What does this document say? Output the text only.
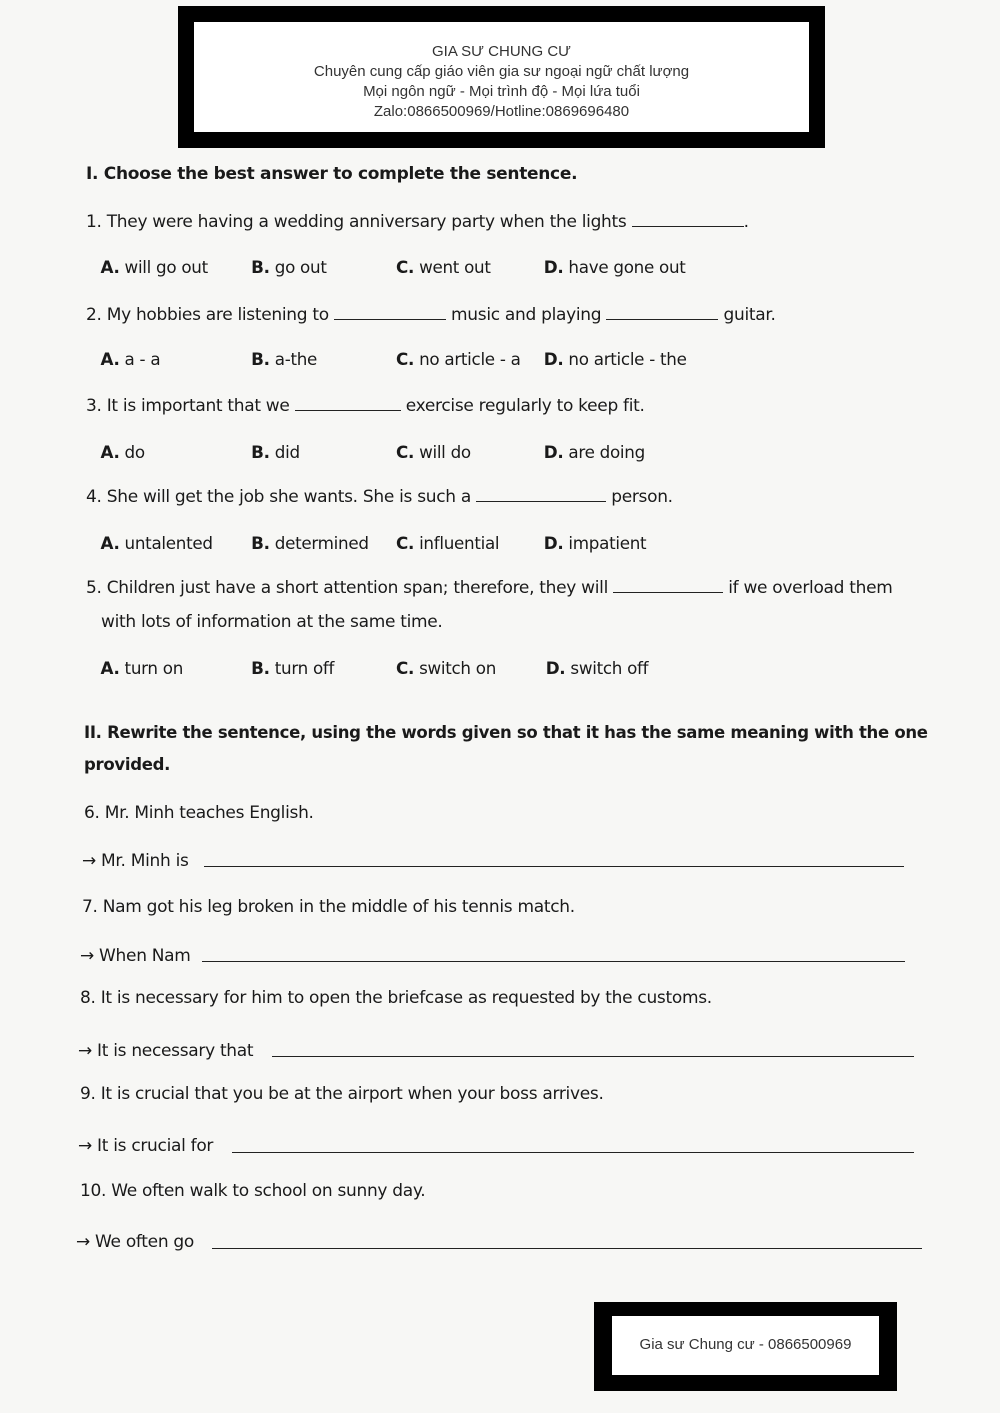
GIA SƯ CHUNG CƯ
Chuyên cung cấp giáo viên gia sư ngoại ngữ chất lượng
Mọi ngôn ngữ - Mọi trình độ - Mọi lứa tuổi
Zalo:0866500969/Hotline:0869696480
I. Choose the best answer to complete the sentence.
1. They were having a wedding anniversary party when the lights	.
A. will go out	B. go out	C. went out	D. have gone out
2. My hobbies are listening to	music and playing	guitar.
A. a - a	B. a-the	C. no article - a D. no article - the
3. It is important that we	exercise regularly to keep fit.
A. do	B. did	C. will do	D. are doing
4. She will get the job she wants. She is such a	person.
A. untalented B. determined C. influential	D. impatient
5. Children just have a short attention span; therefore, they will	if we overload them
with lots of information at the same time.
A. turn on	B. turn off	C. switch on	D. switch off
II. Rewrite the sentence, using the words given so that it has the same meaning with the one
provided.
6. Mr. Minh teaches English.
→ Mr. Minh is
7. Nam got his leg broken in the middle of his tennis match.
→ When Nam
8. It is necessary for him to open the briefcase as requested by the customs.
→ It is necessary that
9. It is crucial that you be at the airport when your boss arrives.
→ It is crucial for
10. We often walk to school on sunny day.
→ We often go
Gia sư Chung cư - 0866500969
